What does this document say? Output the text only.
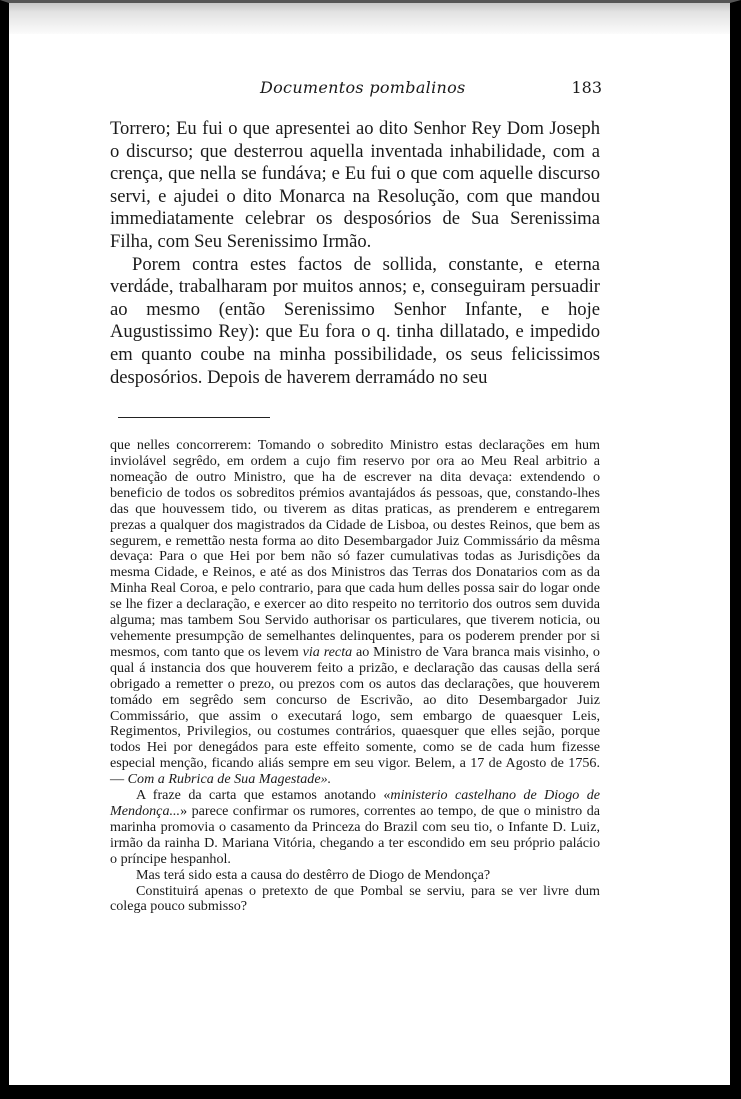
Documentos pombalinos	183

Torrero; Eu fui o que apresentei ao dito Senhor Rey Dom Joseph o discurso; que desterrou aquella inventada inhabilidade, com a crença, que nella se fundáva; e Eu fui o que com aquelle discurso servi, e ajudei o dito Monarca na Resolução, com que mandou immediatamente celebrar os desposórios de Sua Serenissima Filha, com Seu Serenissimo Irmão.

Porem contra estes factos de sollida, constante, e eterna verdáde, trabalharam por muitos annos; e, conseguiram persuadir ao mesmo (então Serenissimo Senhor Infante, e hoje Augustissimo Rey): que Eu fora o q. tinha dillatado, e impedido em quanto coube na minha possibilidade, os seus felicissimos desposórios. Depois de haverem derramádo no seu

que nelles concorrerem: Tomando o sobredito Ministro estas declarações em hum inviolável segrêdo, em ordem a cujo fim reservo por ora ao Meu Real arbitrio a nomeação de outro Ministro, que ha de escrever na dita devaça: extendendo o beneficio de todos os sobreditos prémios avantajádos ás pessoas, que, constando-lhes das que houvessem tido, ou tiverem as ditas praticas, as prenderem e entregarem prezas a qualquer dos magistrados da Cidade de Lisboa, ou destes Reinos, que bem as segurem, e remettão nesta forma ao dito Desembargador Juiz Commissário da mêsma devaça: Para o que Hei por bem não só fazer cumulativas todas as Jurisdições da mesma Cidade, e Reinos, e até as dos Ministros das Terras dos Donatarios com as da Minha Real Coroa, e pelo contrario, para que cada hum delles possa sair do logar onde se lhe fizer a declaração, e exercer ao dito respeito no territorio dos outros sem duvida alguma; mas tambem Sou Servido authorisar os particulares, que tiverem noticia, ou vehemente presumpção de semelhantes delinquentes, para os poderem prender por si mesmos, com tanto que os levem via recta ao Ministro de Vara branca mais visinho, o qual á instancia dos que houverem feito a prizão, e declaração das causas della será obrigado a remetter o prezo, ou prezos com os autos das declarações, que houverem tomádo em segrêdo sem concurso de Escrivão, ao dito Desembargador Juiz Commissário, que assim o executará logo, sem embargo de quaesquer Leis, Regimentos, Privilegios, ou costumes contrários, quaesquer que elles sejão, porque todos Hei por denegádos para este effeito somente, como se de cada hum fizesse especial menção, ficando aliás sempre em seu vigor. Belem, a 17 de Agosto de 1756. — Com a Rubrica de Sua Magestade».

A fraze da carta que estamos anotando «ministerio castelhano de Diogo de Mendonça...» parece confirmar os rumores, correntes ao tempo, de que o ministro da marinha promovia o casamento da Princeza do Brazil com seu tio, o Infante D. Luiz, irmão da rainha D. Mariana Vitória, chegando a ter escondido em seu próprio palácio o príncipe hespanhol.

Mas terá sido esta a causa do destêrro de Diogo de Mendonça?

Constituirá apenas o pretexto de que Pombal se serviu, para se ver livre dum colega pouco submisso?
